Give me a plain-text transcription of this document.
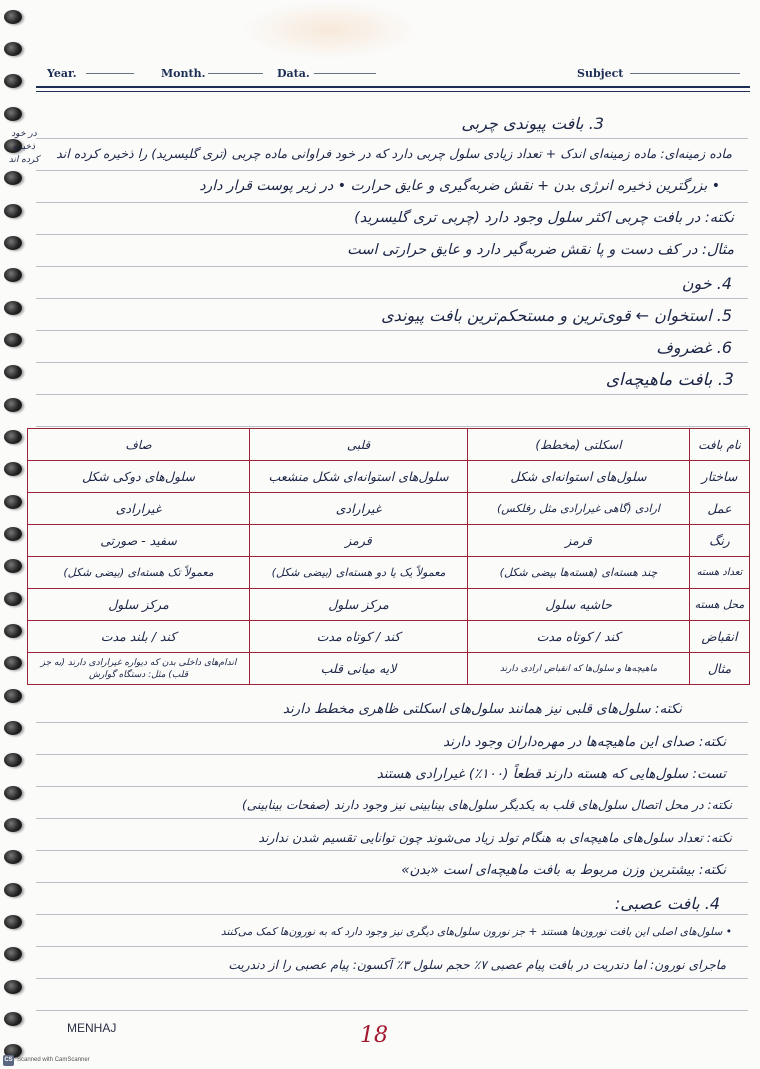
Year.	Month.	Data.	Subject
در خود ذخیره کرده اند
3. بافت پیوندی چربی
ماده زمینه‌ای: ماده زمینه‌ای اندک + تعداد زیادی سلول چربی دارد که در خود فراوانی ماده چربی (تری گلیسرید) را ذخیره کرده اند
• بزرگترین ذخیره انرژی بدن + نقش ضربه‌گیری و عایق حرارت • در زیر پوست قرار دارد
نکته: در بافت چربی اکثر سلول وجود دارد (چربی تری گلیسرید)
مثال: در کف دست و پا نقش ضربه‌گیر دارد و عایق حرارتی است
4. خون
5. استخوان ← قوی‌ترین و مستحکم‌ترین بافت پیوندی
6. غضروف
3. بافت ماهیچه‌ای
نام بافت	اسکلتی (مخطط)	قلبی	صاف
ساختار	سلول‌های استوانه‌ای شکل	سلول‌های استوانه‌ای شکل منشعب	سلول‌های دوکی شکل
عمل	ارادی (گاهی غیرارادی مثل رفلکس)	غیرارادی	غیرارادی
رنگ	قرمز	قرمز	سفید - صورتی
تعداد هسته	چند هسته‌ای (هسته‌ها بیضی شکل)	معمولاً یک یا دو هسته‌ای (بیضی شکل)	معمولاً تک هسته‌ای (بیضی شکل)
محل هسته	حاشیه سلول	مرکز سلول	مرکز سلول
انقباض	کند / کوتاه مدت	کند / کوتاه مدت	کند / بلند مدت
مثال	ماهیچه‌ها و سلول‌ها که انقباض ارادی دارند	لایه میانی قلب	اندام‌های داخلی بدن که دیواره غیرارادی دارند (به جز قلب) مثل: دستگاه گوارش
نکته: سلول‌های قلبی نیز همانند سلول‌های اسکلتی ظاهری مخطط دارند
نکته: صدای این ماهیچه‌ها در مهره‌داران وجود دارند
تست: سلول‌هایی که هسته دارند قطعاً (۱۰۰٪) غیرارادی هستند
نکته: در محل اتصال سلول‌های قلب به یکدیگر سلول‌های بینابینی نیز وجود دارند (صفحات بینابینی)
نکته: تعداد سلول‌های ماهیچه‌ای به هنگام تولد زیاد می‌شوند چون توانایی تقسیم شدن ندارند
نکته: بیشترین وزن مربوط به بافت ماهیچه‌ای است «بدن»
4. بافت عصبی:
• سلول‌های اصلی این بافت نورون‌ها هستند + جز نورون سلول‌های دیگری نیز وجود دارد که به نورون‌ها کمک می‌کنند
ماجرای نورون: اما دندریت در بافت پیام عصبی ۷٪ حجم سلول ۳٪ آکسون: پیام عصبی را از دندریت
MENHAJ	18
CS Scanned with CamScanner
